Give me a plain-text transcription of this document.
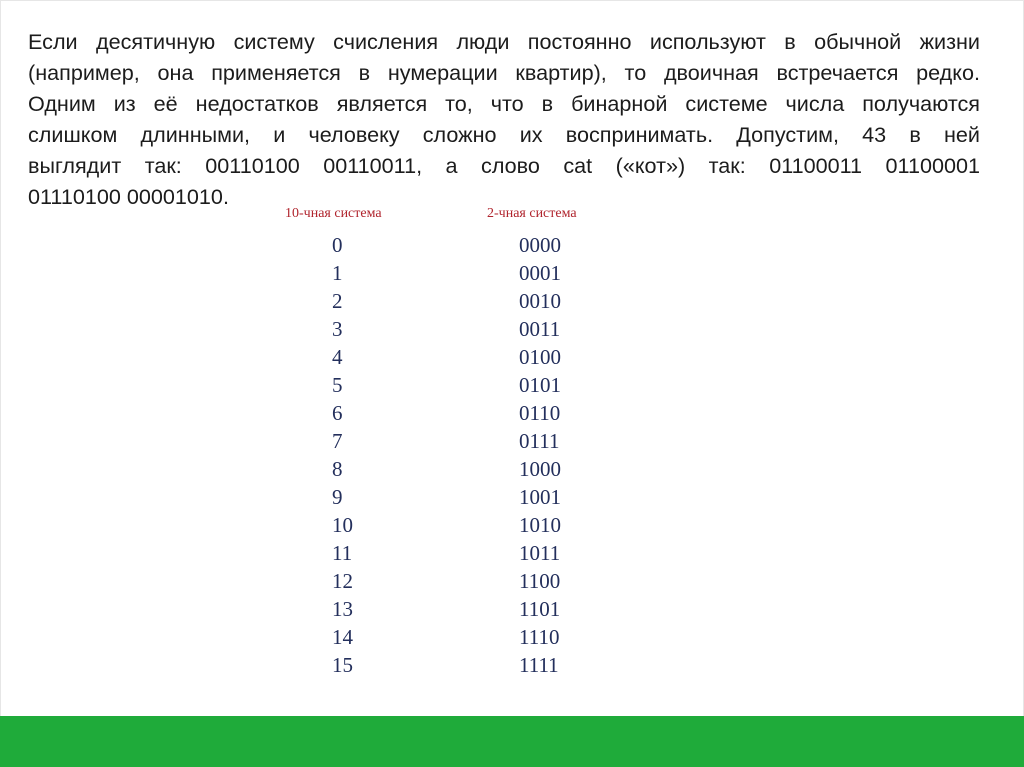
Если десятичную систему счисления люди постоянно используют в обычной жизни
(например, она применяется в нумерации квартир), то двоичная встречается редко.
Одним из её недостатков является то, что в бинарной системе числа получаются
слишком длинными, и человеку сложно их воспринимать. Допустим, 43 в ней
выглядит так: 00110100 00110011, а слово cat («кот») так: 01100011 01100001
01110100 00001010.
10-чная система	2-чная система
0
1
2
3
4
5
6
7
8
9
10
11
12
13
14
15
0000
0001
0010
0011
0100
0101
0110
0111
1000
1001
1010
1011
1100
1101
1110
1111
